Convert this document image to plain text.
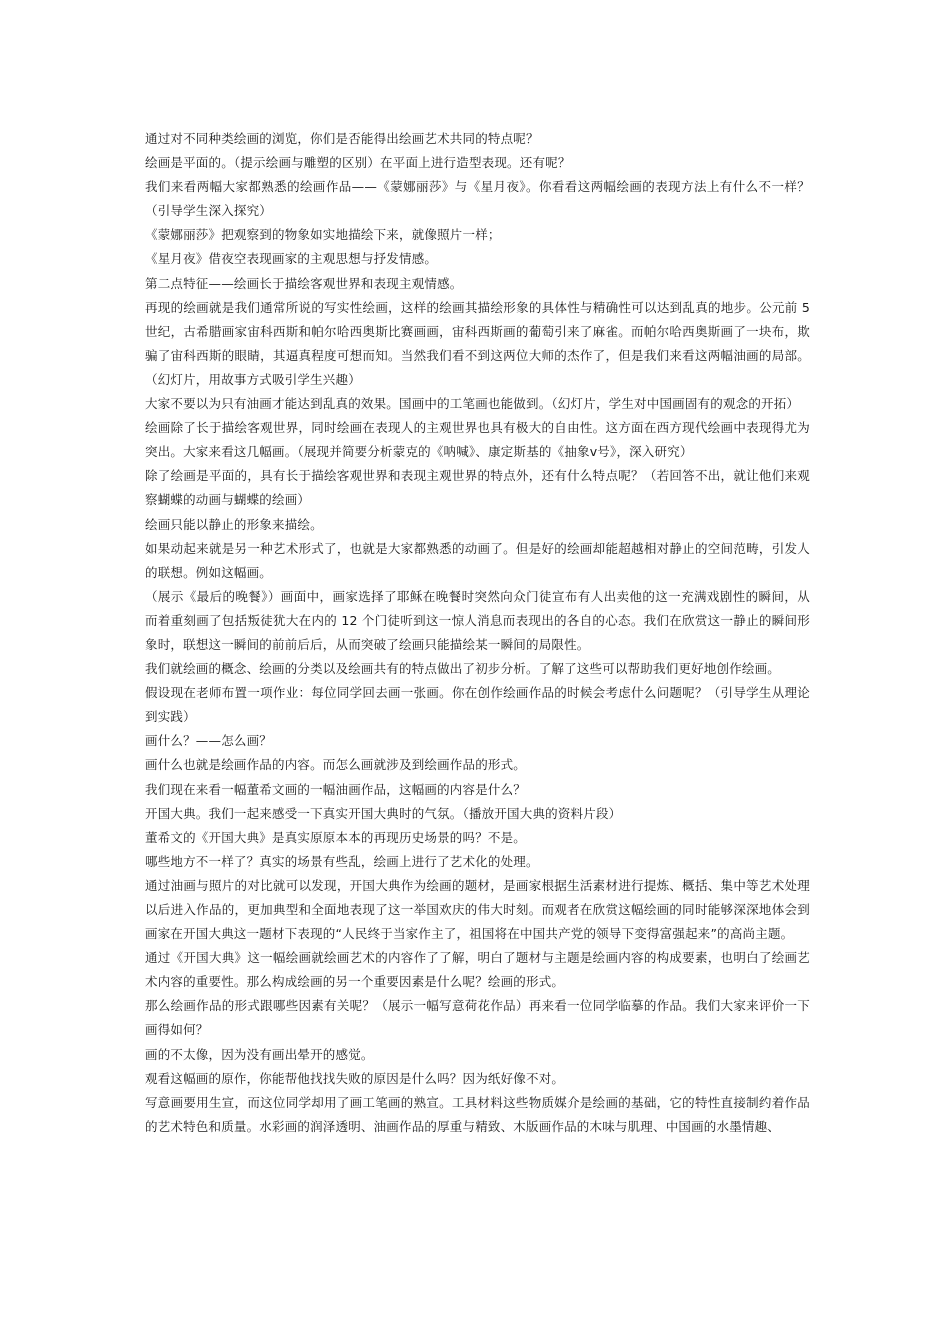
通过对不同种类绘画的浏览，你们是否能得出绘画艺术共同的特点呢？

绘画是平面的。（提示绘画与雕塑的区别）在平面上进行造型表现。还有呢？

我们来看两幅大家都熟悉的绘画作品——《蒙娜丽莎》与《星月夜》。你看看这两幅绘画的表现方法上有什么不一样？（引导学生深入探究）

《蒙娜丽莎》把观察到的物象如实地描绘下来，就像照片一样；

《星月夜》借夜空表现画家的主观思想与抒发情感。

第二点特征——绘画长于描绘客观世界和表现主观情感。

再现的绘画就是我们通常所说的写实性绘画，这样的绘画其描绘形象的具体性与精确性可以达到乱真的地步。公元前 5 世纪，古希腊画家宙科西斯和帕尔哈西奥斯比赛画画，宙科西斯画的葡萄引来了麻雀。而帕尔哈西奥斯画了一块布，欺骗了宙科西斯的眼睛，其逼真程度可想而知。当然我们看不到这两位大师的杰作了，但是我们来看这两幅油画的局部。（幻灯片，用故事方式吸引学生兴趣）

大家不要以为只有油画才能达到乱真的效果。国画中的工笔画也能做到。（幻灯片，学生对中国画固有的观念的开拓）

绘画除了长于描绘客观世界，同时绘画在表现人的主观世界也具有极大的自由性。这方面在西方现代绘画中表现得尤为突出。大家来看这几幅画。（展现并简要分析蒙克的《呐喊》、康定斯基的《抽象ⅴ号》，深入研究）

除了绘画是平面的，具有长于描绘客观世界和表现主观世界的特点外，还有什么特点呢？（若回答不出，就让他们来观察蝴蝶的动画与蝴蝶的绘画）

绘画只能以静止的形象来描绘。

如果动起来就是另一种艺术形式了，也就是大家都熟悉的动画了。但是好的绘画却能超越相对静止的空间范畴，引发人的联想。例如这幅画。

（展示《最后的晚餐》）画面中，画家选择了耶稣在晚餐时突然向众门徒宣布有人出卖他的这一充满戏剧性的瞬间，从而着重刻画了包括叛徒犹大在内的 12 个门徒听到这一惊人消息而表现出的各自的心态。我们在欣赏这一静止的瞬间形象时，联想这一瞬间的前前后后，从而突破了绘画只能描绘某一瞬间的局限性。

我们就绘画的概念、绘画的分类以及绘画共有的特点做出了初步分析。了解了这些可以帮助我们更好地创作绘画。

假设现在老师布置一项作业：每位同学回去画一张画。你在创作绘画作品的时候会考虑什么问题呢？（引导学生从理论到实践）

画什么？——怎么画？

画什么也就是绘画作品的内容。而怎么画就涉及到绘画作品的形式。

我们现在来看一幅董希文画的一幅油画作品，这幅画的内容是什么？

开国大典。我们一起来感受一下真实开国大典时的气氛。（播放开国大典的资料片段）

董希文的《开国大典》是真实原原本本的再现历史场景的吗？不是。

哪些地方不一样了？真实的场景有些乱，绘画上进行了艺术化的处理。

通过油画与照片的对比就可以发现，开国大典作为绘画的题材，是画家根据生活素材进行提炼、概括、集中等艺术处理以后进入作品的，更加典型和全面地表现了这一举国欢庆的伟大时刻。而观者在欣赏这幅绘画的同时能够深深地体会到画家在开国大典这一题材下表现的“人民终于当家作主了，祖国将在中国共产党的领导下变得富强起来”的高尚主题。

通过《开国大典》这一幅绘画就绘画艺术的内容作了了解，明白了题材与主题是绘画内容的构成要素，也明白了绘画艺术内容的重要性。那么构成绘画的另一个重要因素是什么呢？绘画的形式。

那么绘画作品的形式跟哪些因素有关呢？（展示一幅写意荷花作品）再来看一位同学临摹的作品。我们大家来评价一下画得如何？

画的不太像，因为没有画出晕开的感觉。

观看这幅画的原作，你能帮他找找失败的原因是什么吗？因为纸好像不对。

写意画要用生宣，而这位同学却用了画工笔画的熟宣。工具材料这些物质媒介是绘画的基础，它的特性直接制约着作品的艺术特色和质量。水彩画的润泽透明、油画作品的厚重与精致、木版画作品的木味与肌理、中国画的水墨情趣、
